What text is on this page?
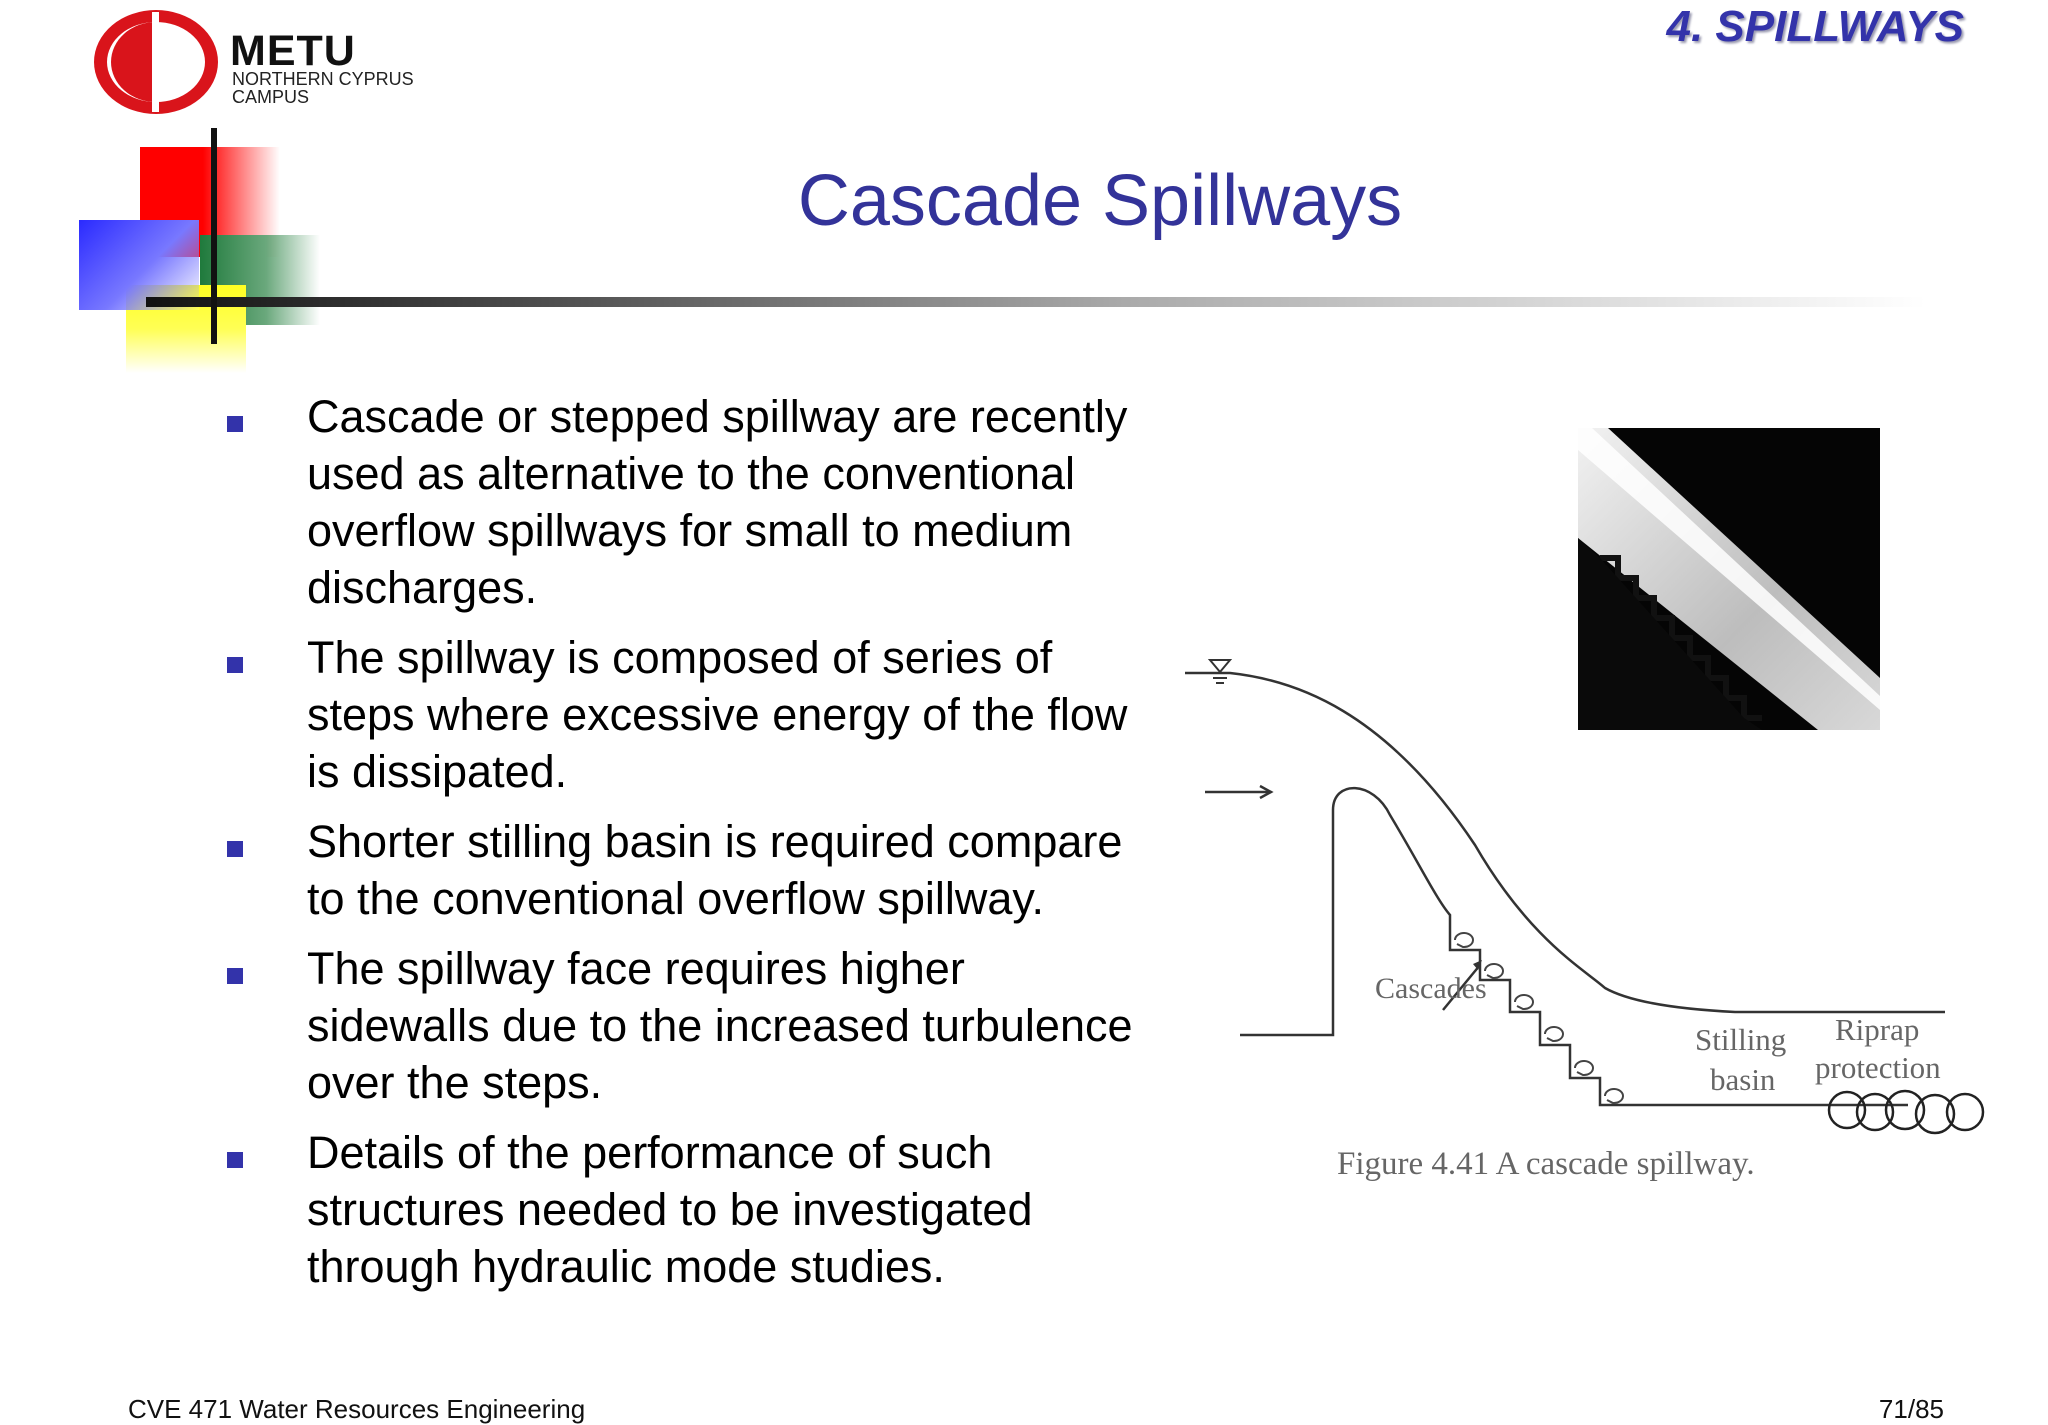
METU
NORTHERN CYPRUS
CAMPUS
4. SPILLWAYS
Cascade Spillways
Cascade or stepped spillway are recently
used as alternative to the conventional
overflow spillways for small to medium
discharges.
The spillway is composed of series of
steps where excessive energy of the flow
is dissipated.
Shorter stilling basin is required compare
to the conventional overflow spillway.
The spillway face requires higher
sidewalls due to the increased turbulence
over the steps.
Details of the performance of such
structures needed to be investigated
through hydraulic mode studies.
Cascades
Stilling
basin
Riprap
protection
Figure 4.41 A cascade spillway.
CVE 471 Water Resources Engineering	71/85
